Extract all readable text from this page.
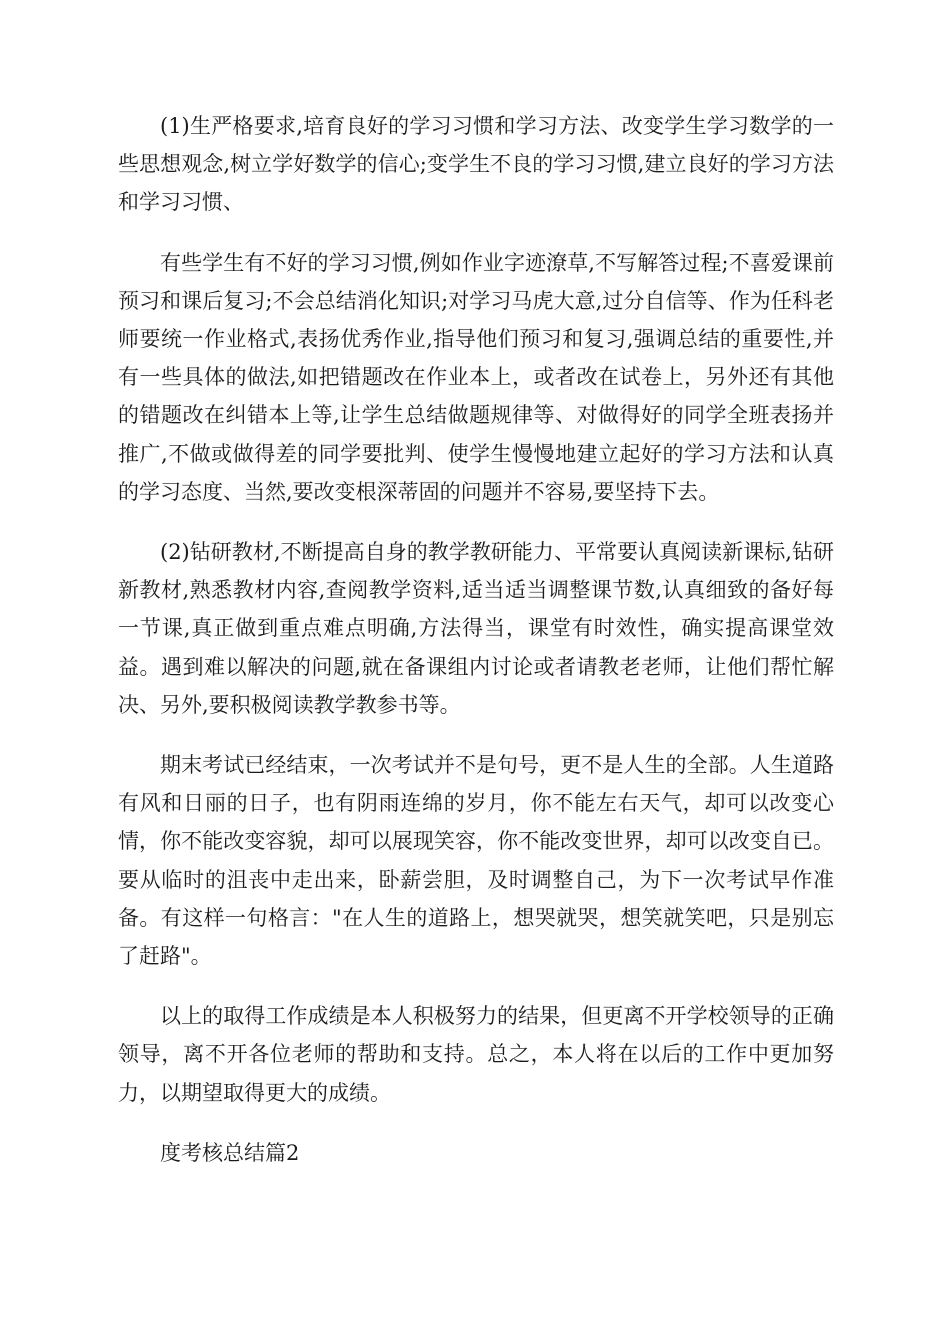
(1)生严格要求,培育良好的学习习惯和学习方法、改变学生学习数学的一些思想观念,树立学好数学的信心;变学生不良的学习习惯,建立良好的学习方法和学习习惯、

有些学生有不好的学习习惯,例如作业字迹潦草,不写解答过程;不喜爱课前预习和课后复习;不会总结消化知识;对学习马虎大意,过分自信等、作为任科老师要统一作业格式,表扬优秀作业,指导他们预习和复习,强调总结的重要性,并有一些具体的做法,如把错题改在作业本上，或者改在试卷上，另外还有其他的错题改在纠错本上等,让学生总结做题规律等、对做得好的同学全班表扬并推广,不做或做得差的同学要批判、使学生慢慢地建立起好的学习方法和认真的学习态度、当然,要改变根深蒂固的问题并不容易,要坚持下去。

(2)钻研教材,不断提高自身的教学教研能力、平常要认真阅读新课标,钻研新教材,熟悉教材内容,查阅教学资料,适当适当调整课节数,认真细致的备好每一节课,真正做到重点难点明确,方法得当，课堂有时效性，确实提高课堂效益。遇到难以解决的问题,就在备课组内讨论或者请教老老师，让他们帮忙解决、另外,要积极阅读教学教参书等。

期末考试已经结束，一次考试并不是句号，更不是人生的全部。人生道路有风和日丽的日子，也有阴雨连绵的岁月，你不能左右天气，却可以改变心情，你不能改变容貌，却可以展现笑容，你不能改变世界，却可以改变自已。要从临时的沮丧中走出来，卧薪尝胆，及时调整自己，为下一次考试早作准备。有这样一句格言："在人生的道路上，想哭就哭，想笑就笑吧，只是别忘了赶路"。

以上的取得工作成绩是本人积极努力的结果，但更离不开学校领导的正确领导，离不开各位老师的帮助和支持。总之，本人将在以后的工作中更加努力，以期望取得更大的成绩。

度考核总结篇2
